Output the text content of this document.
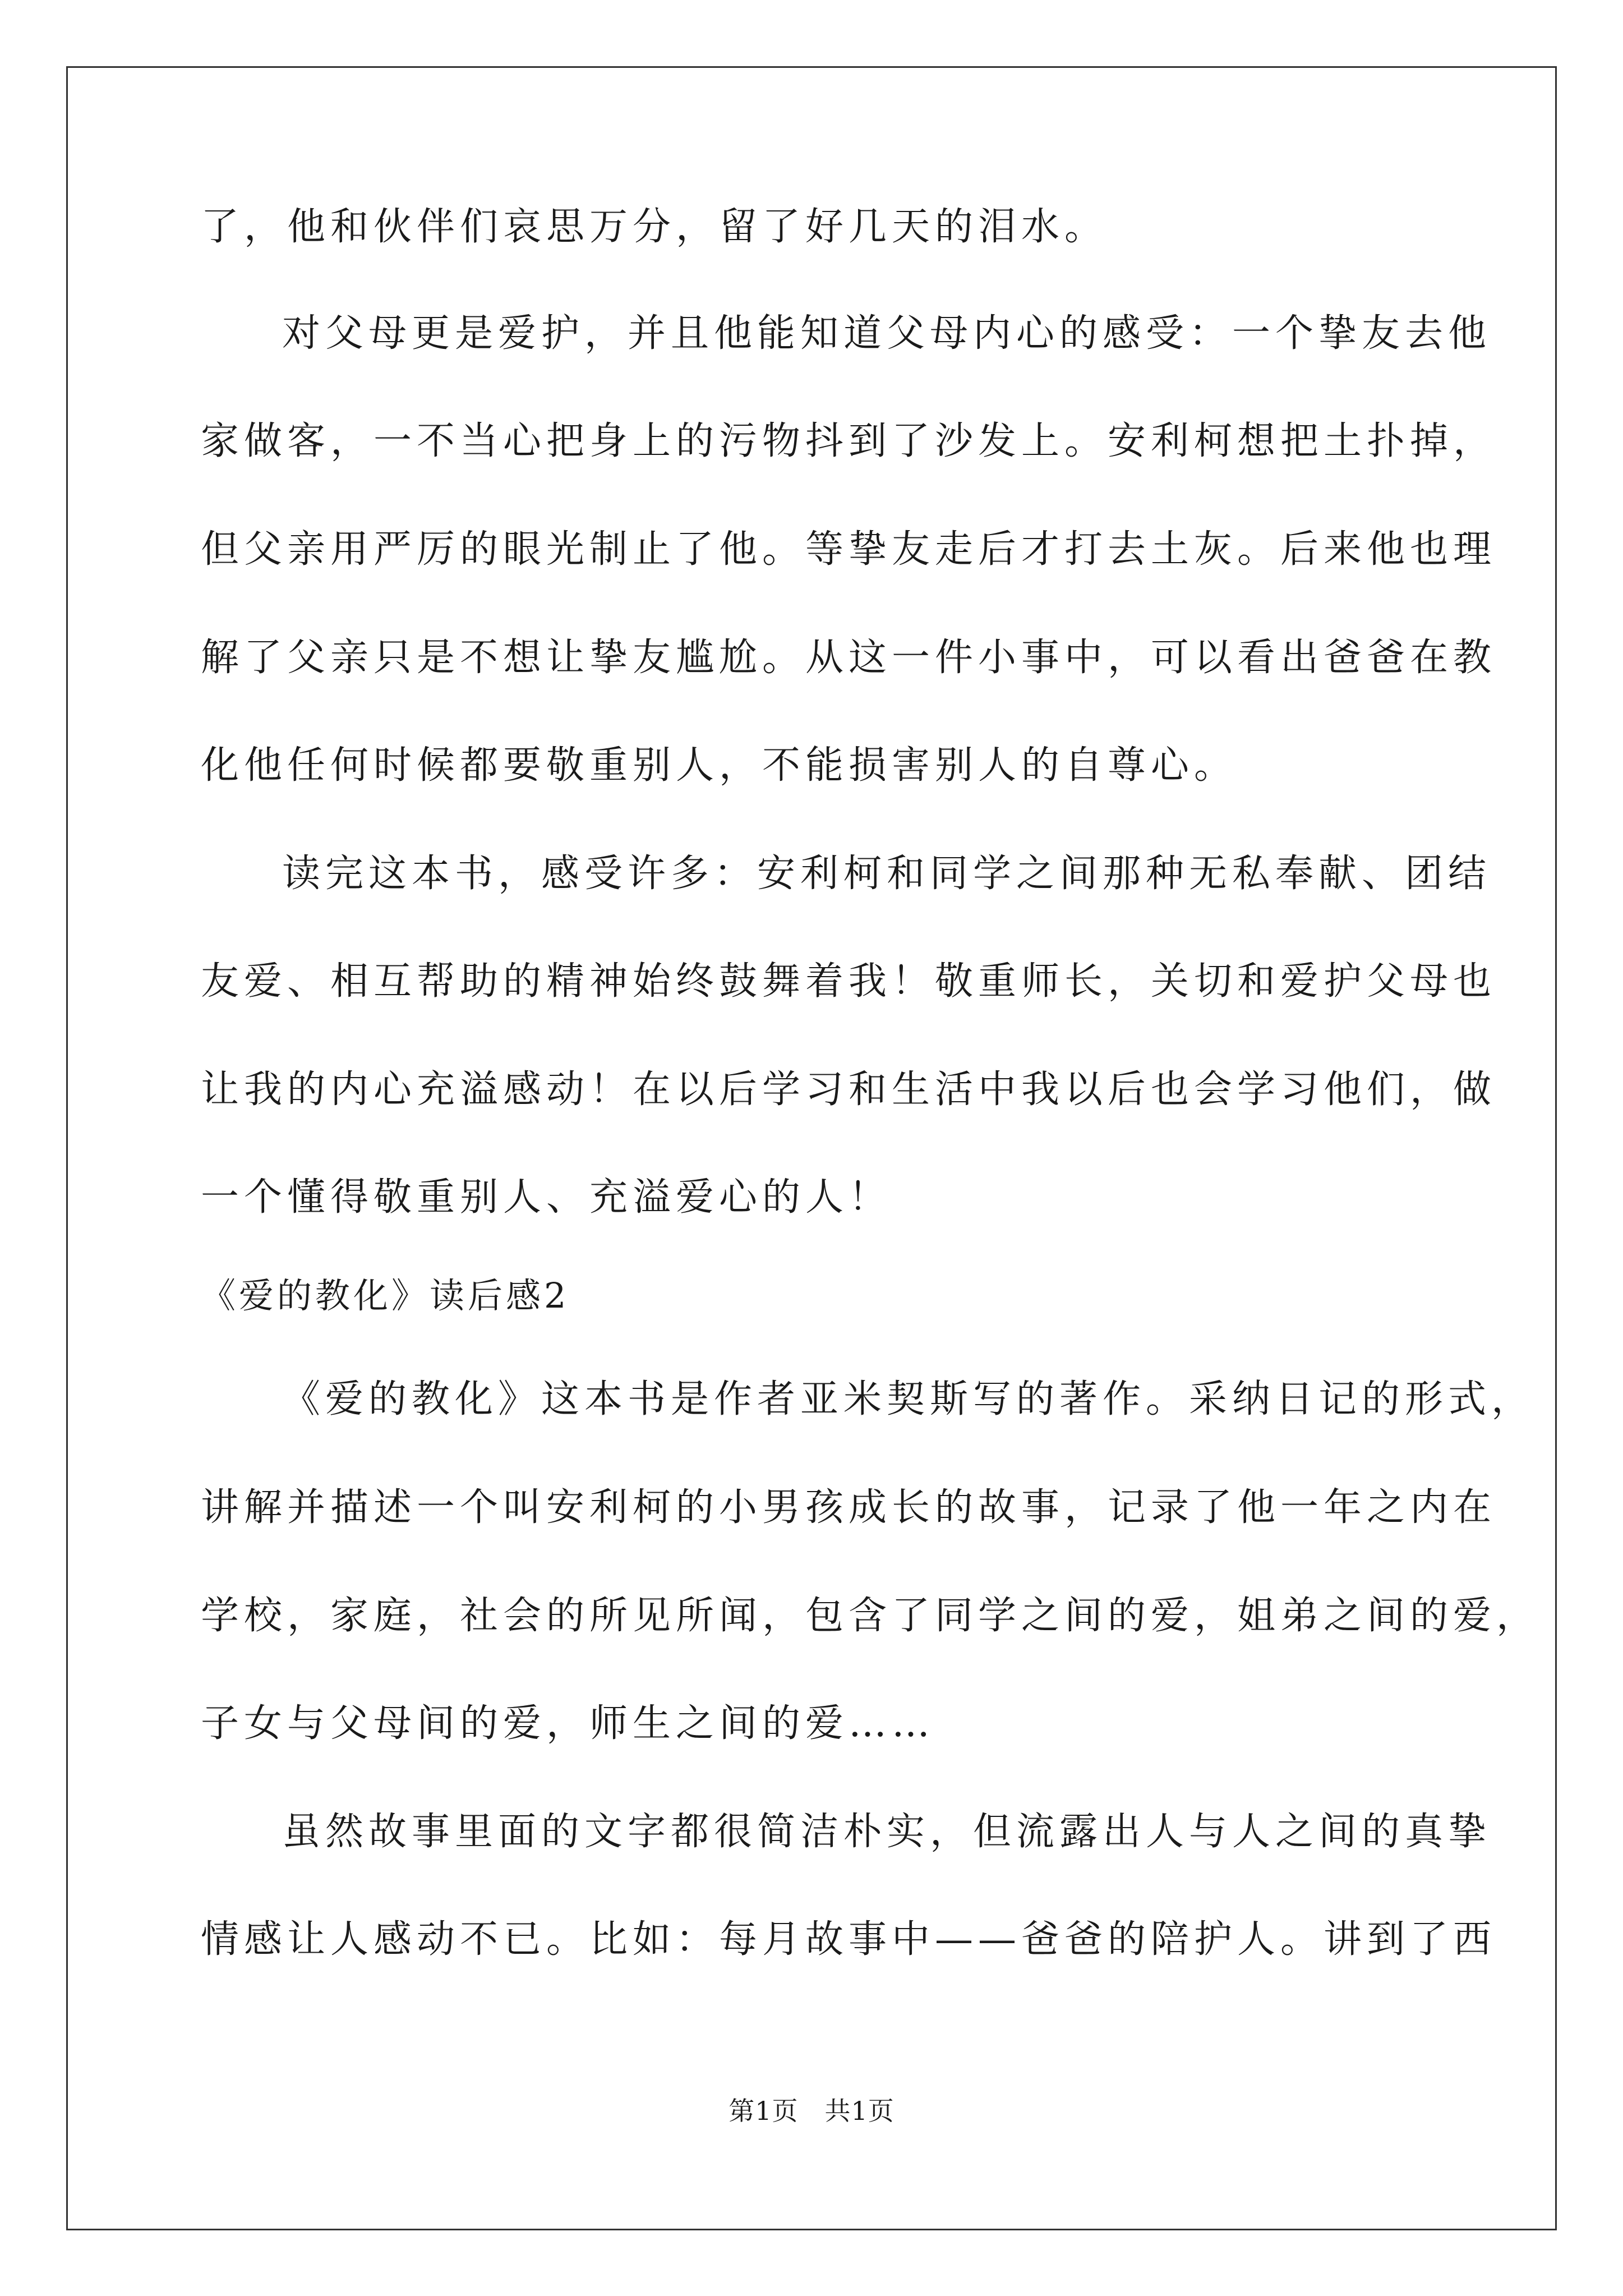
了，他和伙伴们哀思万分，留了好几天的泪水。
对父母更是爱护，并且他能知道父母内心的感受：一个挚友去他
家做客，一不当心把身上的污物抖到了沙发上。安利柯想把土扑掉，
但父亲用严厉的眼光制止了他。等挚友走后才打去土灰。后来他也理
解了父亲只是不想让挚友尴尬。从这一件小事中，可以看出爸爸在教
化他任何时候都要敬重别人，不能损害别人的自尊心。
读完这本书，感受许多：安利柯和同学之间那种无私奉献、团结
友爱、相互帮助的精神始终鼓舞着我！敬重师长，关切和爱护父母也
让我的内心充溢感动！在以后学习和生活中我以后也会学习他们，做
一个懂得敬重别人、充溢爱心的人！
《爱的教化》读后感2
《爱的教化》这本书是作者亚米契斯写的著作。采纳日记的形式，
讲解并描述一个叫安利柯的小男孩成长的故事，记录了他一年之内在
学校，家庭，社会的所见所闻，包含了同学之间的爱，姐弟之间的爱，
子女与父母间的爱，师生之间的爱……
虽然故事里面的文字都很简洁朴实，但流露出人与人之间的真挚
情感让人感动不已。比如：每月故事中——爸爸的陪护人。讲到了西
第1页　共1页
